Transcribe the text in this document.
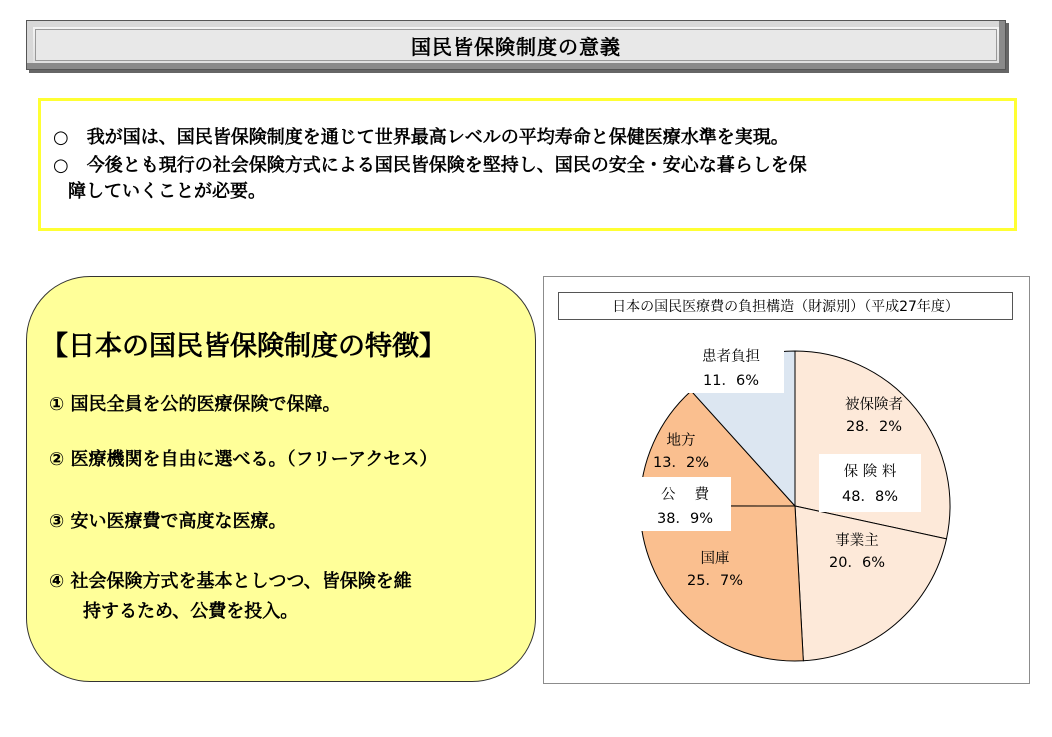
国民皆保険制度の意義

○　我が国は、国民皆保険制度を通じて世界最高レベルの平均寿命と保健医療水準を実現。

○　今後とも現行の社会保険方式による国民皆保険を堅持し、国民の安全・安心な暮らしを保

障していくことが必要。

【日本の国民皆保険制度の特徴】
① 国民全員を公的医療保険で保障。
② 医療機関を自由に選べる。（フリーアクセス）
③ 安い医療費で高度な医療。
④ 社会保険方式を基本としつつ、皆保険を維
持するため、公費を投入。
日本の国民医療費の負担構造（財源別）（平成27年度）
被保険者
28．2%
事業主
20．6%
国庫
25．7%
地方
13．2%
患者負担
11．6%
保 険 料
48．8%
公　 費
38．9%
